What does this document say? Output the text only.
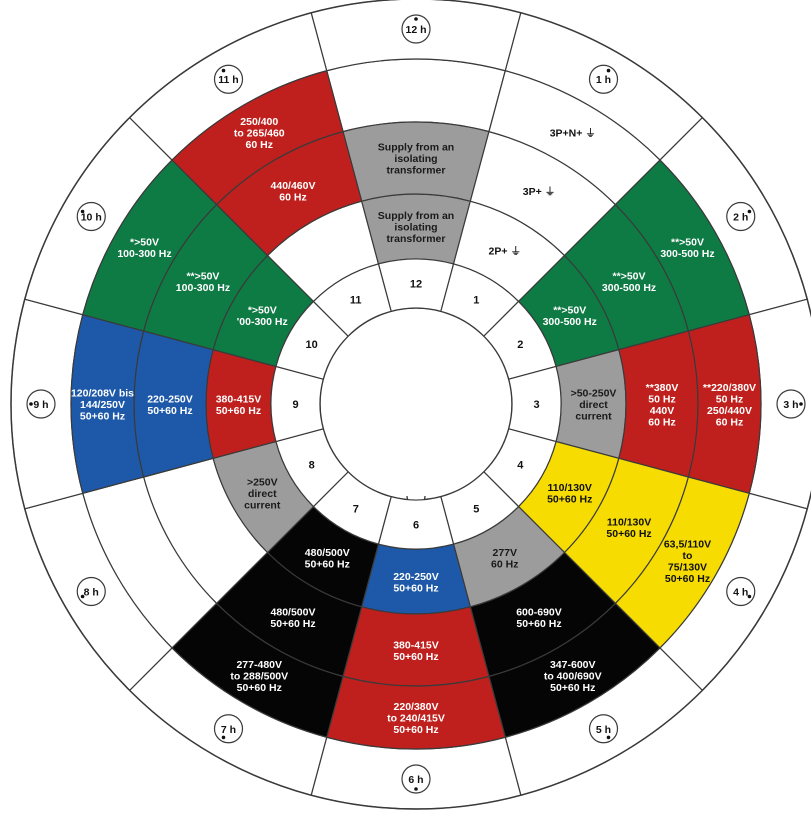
12
1
2
3
4
5
6
7
8
9
10
11
Supply from an isolating transformer
Supply from an isolating transformer
2P+ ⏚
3P+ ⏚
3P+N+ ⏚
**>50V 300-500 Hz
**>50V 300-500 Hz
**>50V 300-500 Hz
>50-250V direct current
**380V 50 Hz 440V 60 Hz
**220/380V 50 Hz 250/440V 60 Hz
110/130V 50+60 Hz
110/130V 50+60 Hz
63,5/110V to 75/130V 50+60 Hz
277V 60 Hz
600-690V 50+60 Hz
347-600V to 400/690V 50+60 Hz
220-250V 50+60 Hz
380-415V 50+60 Hz
220/380V to 240/415V 50+60 Hz
480/500V 50+60 Hz
480/500V 50+60 Hz
277-480V to 288/500V 50+60 Hz
>250V direct current
380-415V 50+60 Hz
220-250V 50+60 Hz
120/208V bis 144/250V 50+60 Hz
*>50V '00-300 Hz
**>50V 100-300 Hz
*>50V 100-300 Hz
440/460V 60 Hz
250/400 to 265/460 60 Hz
12 h
1 h
2 h
3 h
4 h
5 h
6 h
7 h
8 h
9 h
10 h
11 h
